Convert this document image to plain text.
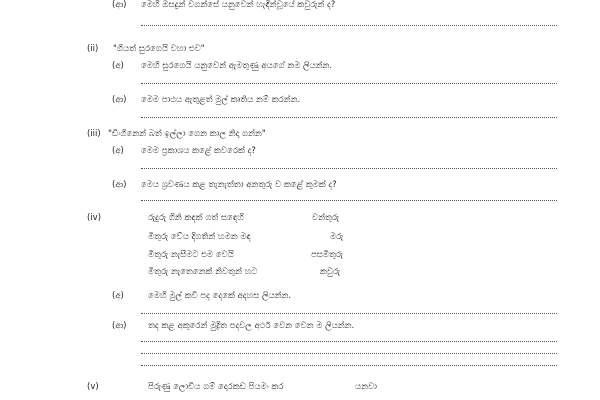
(ආ) මෙහි ඔසදුන් වගන්සේ යනුවෙන් හැඳින්වූයේ කවුරුන් ද?
(ii) "ගියත් සුරගෙයි වහා එව"
(අ) මෙහි සුරගෙයි යනුවෙන් ඇමතුණු අයගේ නම ලියන්න.
(ආ) මෙම පාඨය ඇතුළත් මුල් කෘතිය නම් කරන්න.
(iii) "ඩිංගිනෙන් බත් ඉල්ලා ගෙන කාල නිදා ගන්න"
(අ) මෙම ප්‍රකාශය කළේ කවරෙක් ද?
(ආ) මෙය ශ්‍රවණය කළ තැනැත්තා අනතුරු ව කළේ කුමක් ද?
(iv)	රුදුරු ගිනි කඳක් ගත් සඳෙහි	වන්තුරු
මිතුරු වේය දිගතින් හමන මඳ	මරු
මිතුරු නැසීමට එම වෙයි	පසමිතුරු
මිතුරු නැතෙනෙක් නිවතුන් හට	කවුරු
(අ)	මෙහි මුල් කවි පද දෙකේ අදහස ලියන්න.
(ආ)	තද කළ අකුරෙන් මුද්‍රිත පදවල අර්ථ වෙන වෙන ම ලියන්න.
(v)	පිරුණු ලොවිය ගම් දොරකඩ පියමං කර	යනවා
